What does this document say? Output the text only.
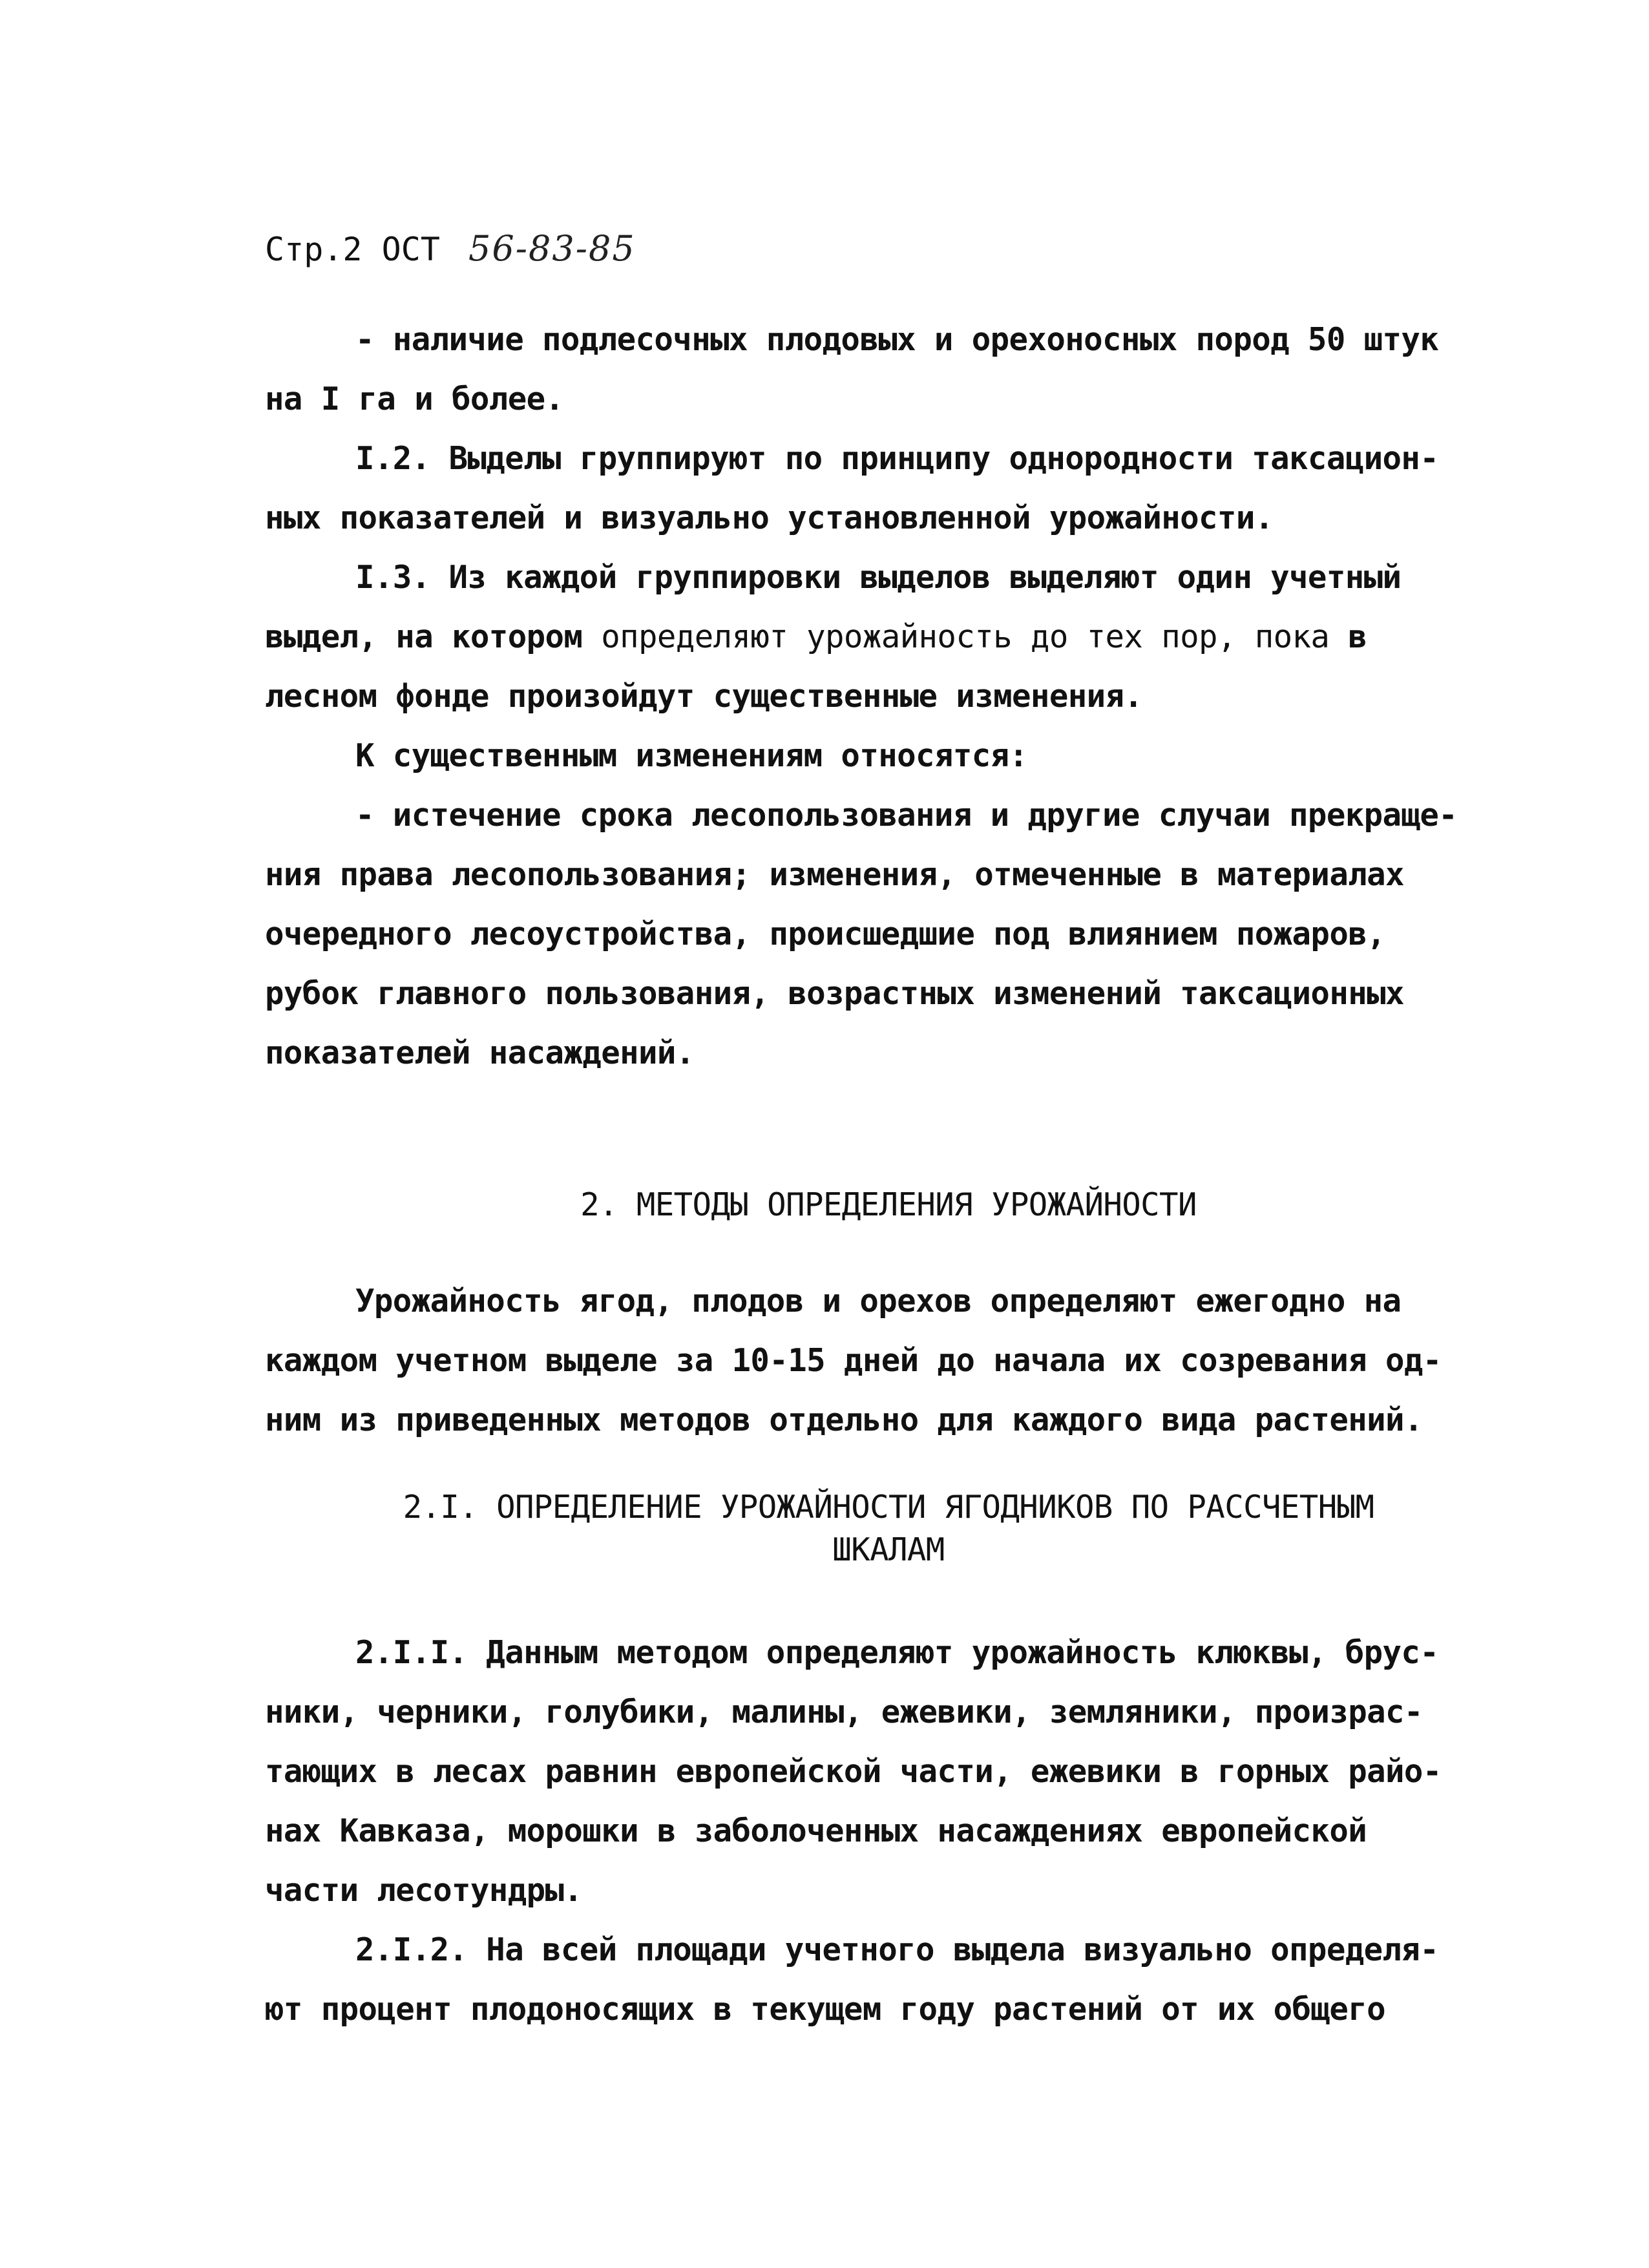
Стр.2 ОСТ 56-83-85
- наличие подлесочных плодовых и орехоносных пород 50 штук
на I га и более.
I.2. Выделы группируют по принципу однородности таксацион-
ных показателей и визуально установленной урожайности.
I.3. Из каждой группировки выделов выделяют один учетный
выдел, на котором определяют урожайность до тех пор, пока в
лесном фонде произойдут существенные изменения.
К существенным изменениям относятся:
- истечение срока лесопользования и другие случаи прекраще-
ния права лесопользования; изменения, отмеченные в материалах
очередного лесоустройства, происшедшие под влиянием пожаров,
рубок главного пользования, возрастных изменений таксационных
показателей насаждений.
2. МЕТОДЫ ОПРЕДЕЛЕНИЯ УРОЖАЙНОСТИ
Урожайность ягод, плодов и орехов определяют ежегодно на
каждом учетном выделе за 10-15 дней до начала их созревания од-
ним из приведенных методов отдельно для каждого вида растений.
2.I. ОПРЕДЕЛЕНИЕ УРОЖАЙНОСТИ ЯГОДНИКОВ ПО РАССЧЕТНЫМ
ШКАЛАМ
2.I.I. Данным методом определяют урожайность клюквы, брус-
ники, черники, голубики, малины, ежевики, земляники, произрас-
тающих в лесах равнин европейской части, ежевики в горных райо-
нах Кавказа, морошки в заболоченных насаждениях европейской
части лесотундры.
2.I.2. На всей площади учетного выдела визуально определя-
ют процент плодоносящих в текущем году растений от их общего
